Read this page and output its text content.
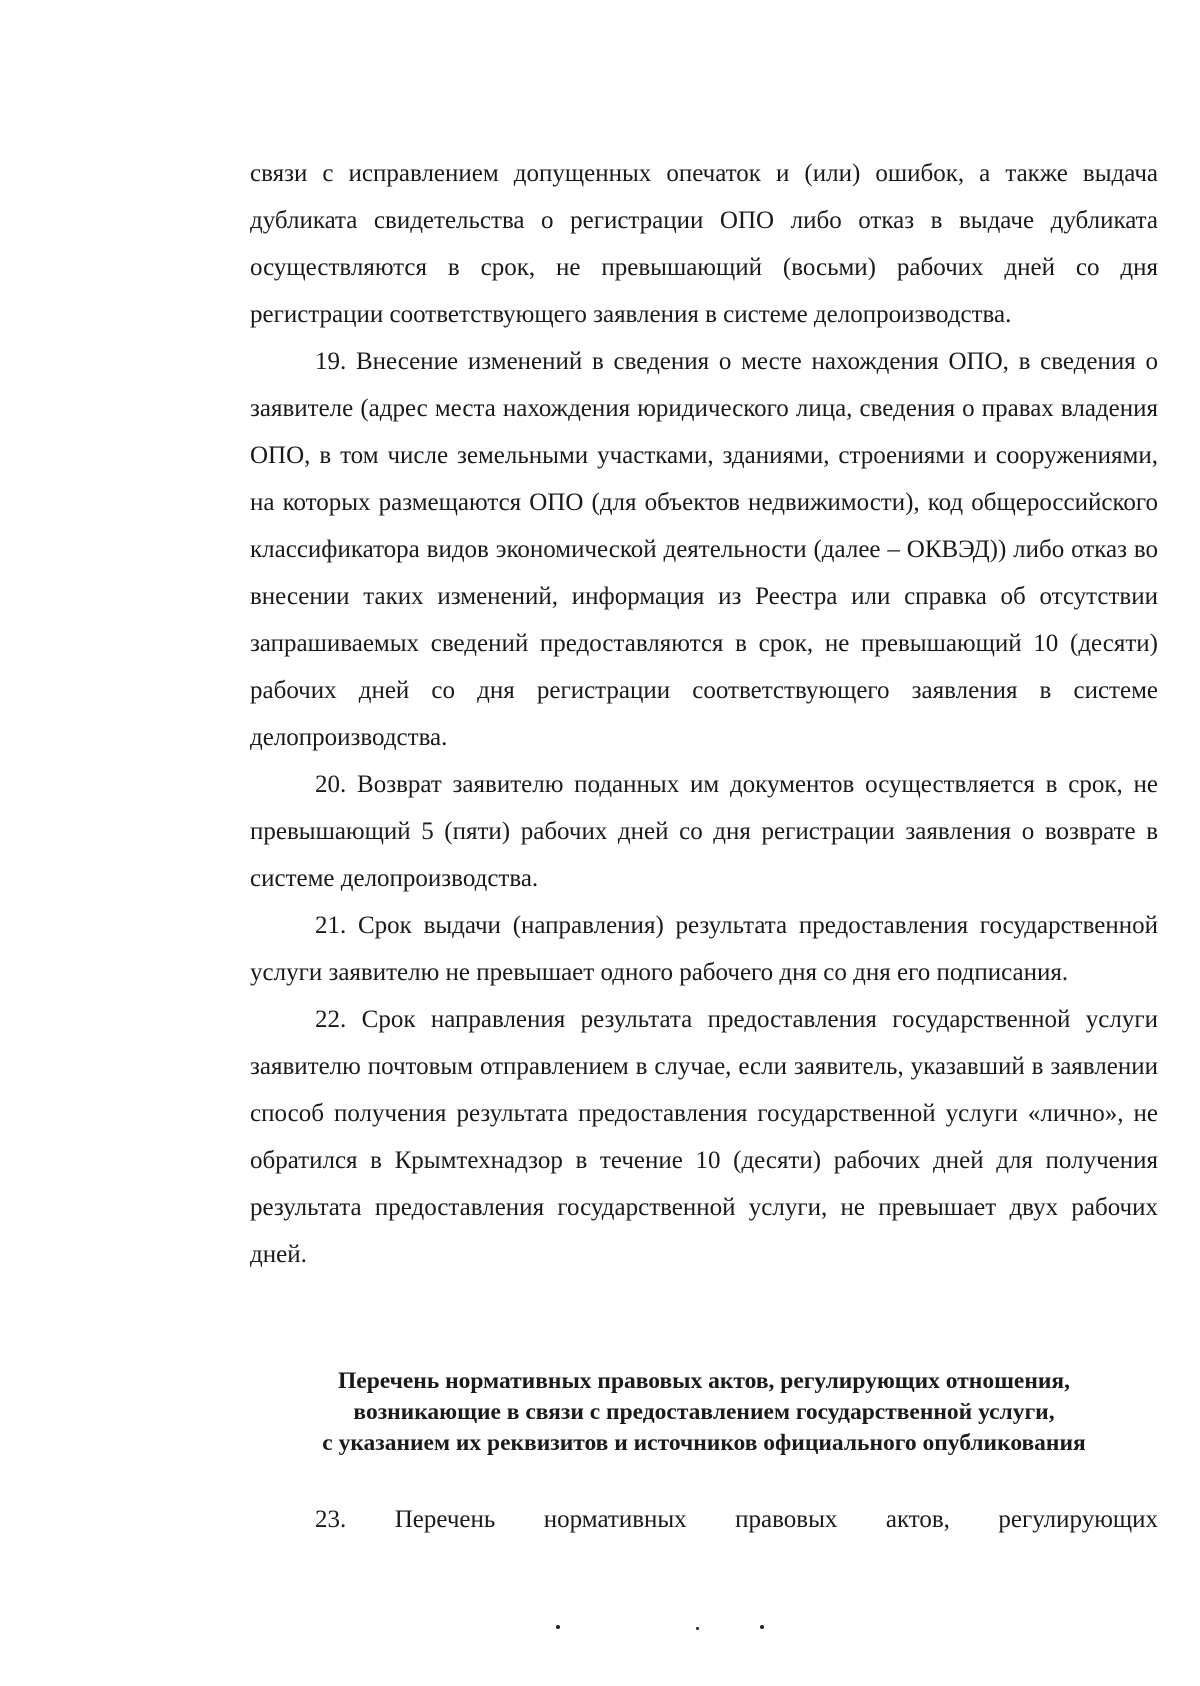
связи с исправлением допущенных опечаток и (или) ошибок, а также выдача дубликата свидетельства о регистрации ОПО либо отказ в выдаче дубликата осуществляются в срок, не превышающий (восьми) рабочих дней со дня регистрации соответствующего заявления в системе делопроизводства.

19. Внесение изменений в сведения о месте нахождения ОПО, в сведения о заявителе (адрес места нахождения юридического лица, сведения о правах владения ОПО, в том числе земельными участками, зданиями, строениями и сооружениями, на которых размещаются ОПО (для объектов недвижимости), код общероссийского классификатора видов экономической деятельности (далее – ОКВЭД)) либо отказ во внесении таких изменений, информация из Реестра или справка об отсутствии запрашиваемых сведений предоставляются в срок, не превышающий 10 (десяти) рабочих дней со дня регистрации соответствующего заявления в системе делопроизводства.

20. Возврат заявителю поданных им документов осуществляется в срок, не превышающий 5 (пяти) рабочих дней со дня регистрации заявления о возврате в системе делопроизводства.

21. Срок выдачи (направления) результата предоставления государственной услуги заявителю не превышает одного рабочего дня со дня его подписания.

22. Срок направления результата предоставления государственной услуги заявителю почтовым отправлением в случае, если заявитель, указавший в заявлении способ получения результата предоставления государственной услуги «лично», не обратился в Крымтехнадзор в течение 10 (десяти) рабочих дней для получения результата предоставления государственной услуги, не превышает двух рабочих дней.

Перечень нормативных правовых актов, регулирующих отношения,
возникающие в связи с предоставлением государственной услуги,
с указанием их реквизитов и источников официального опубликования

23. Перечень нормативных правовых актов, регулирующих
